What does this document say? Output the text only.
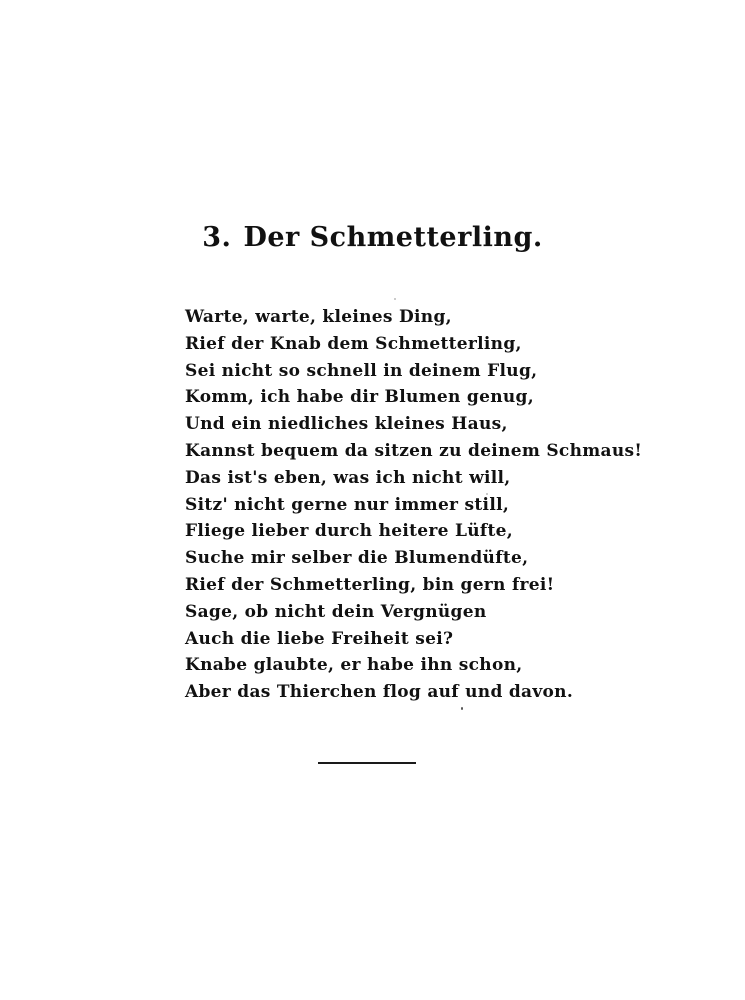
3. Der Schmetterling.
Warte, warte, kleines Ding,
Rief der Knab dem Schmetterling,
Sei nicht so schnell in deinem Flug,
Komm, ich habe dir Blumen genug,
Und ein niedliches kleines Haus,
Kannst bequem da sitzen zu deinem Schmaus!
Das ist's eben, was ich nicht will,
Sitz' nicht gerne nur immer still,
Fliege lieber durch heitere Lüfte,
Suche mir selber die Blumendüfte,
Rief der Schmetterling, bin gern frei!
Sage, ob nicht dein Vergnügen
Auch die liebe Freiheit sei?
Knabe glaubte, er habe ihn schon,
Aber das Thierchen flog auf und davon.
